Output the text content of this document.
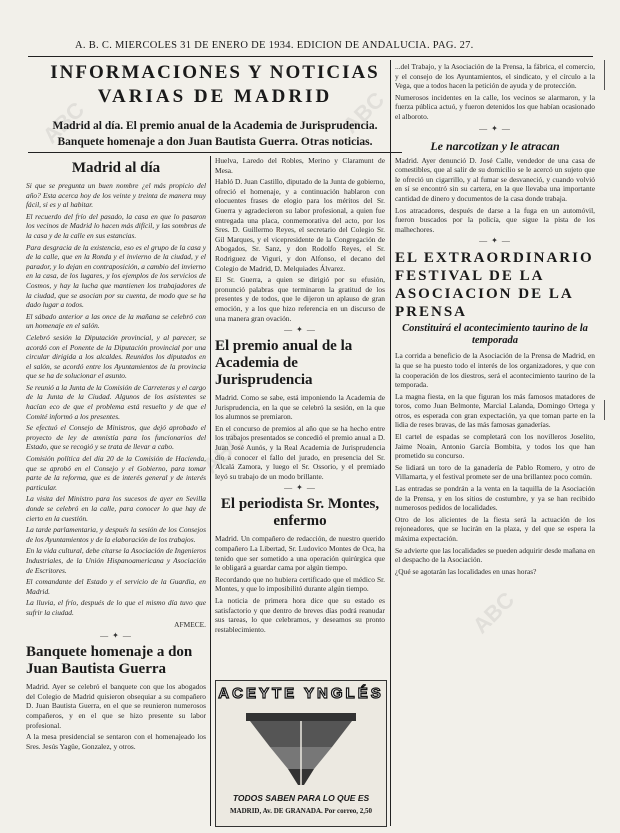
ABC	ABC
ABC
ABC
A. B. C. MIERCOLES 31 DE ENERO DE 1934. EDICION DE ANDALUCIA. PAG. 27.
INFORMACIONES Y NOTICIAS
VARIAS DE MADRID
Madrid al día. El premio anual de la Academia de Jurisprudencia. Banquete homenaje a don Juan Bautista Guerra. Otras noticias.
Madrid al día

Si que se pregunta un buen nombre ¿el más propicio del año? Esta acerca hoy de los veinte y treinta de manera muy fácil, si es y al habitar.

El recuerdo del frío del pasado, la casa en que lo pasaron los vecinos de Madrid lo hacen más difícil, y las sombras de la casa y de la calle en sus estancias.

Para desgracia de la existencia, eso es el grupo de la casa y de la calle, que en la Ronda y el invierno de la ciudad, y el parador, y lo dejan en contraposición, a cambio del invierno en la casa, de los lugares, y los ejemplos de los servicios de Cosmos, y hay la lucha que mantienen los trabajadores de la ciudad, que se asocian por su cuenta, de modo que se ha dado lugar a todos.

El sábado anterior a las once de la mañana se celebró con un homenaje en el salón.

Celebró sesión la Diputación provincial, y al parecer, se acordó con el Ponente de la Diputación provincial por una circular dirigida a los alcaldes. Reunidos los diputados en el salón, se acordó entre los Ayuntamientos de la provincia que se ha de solucionar el asunto.

Se reunió a la Junta de la Comisión de Carreteras y el cargo de la Junta de la Ciudad. Algunos de los asistentes se hacían eco de que el problema está resuelto y de que el Comité informó a los presentes.

Se efectuó el Consejo de Ministros, que dejó aprobado el proyecto de ley de amnistía para los funcionarios del Estado, que se recogió y se trata de llevar a cabo.

Comisión política del día 20 de la Comisión de Hacienda, que se aprobó en el Consejo y el Gobierno, para tomar parte de la reforma, que es de interés general y de interés particular.

La visita del Ministro para los sucesos de ayer en Sevilla donde se celebró en la calle, para conocer lo que hay de cierto en la cuestión.

La tarde parlamentaria, y después la sesión de los Consejos de los Ayuntamientos y de la elaboración de los trabajos.

En la vida cultural, debe citarse la Asociación de Ingenieros Industriales, de la Unión Hispanoamericana y Asociación de Escritores.

El comandante del Estado y el servicio de la Guardia, en Madrid.

La lluvia, el frío, después de lo que el mismo día tuvo que sufrir la ciudad.

AFMECE.

— ✦ —
Banquete homenaje a don Juan Bautista Guerra

Madrid. Ayer se celebró el banquete con que los abogados del Colegio de Madrid quisieron obsequiar a su compañero D. Juan Bautista Guerra, en el que se reunieron numerosos compañeros, y en el que se hizo presente su labor profesional.

A la mesa presidencial se sentaron con el homenajeado los Sres. Jesús Yagüe, Gonzalez, y otros.

Huelva, Laredo del Robles, Merino y Claramunt de Mesa.

Habló D. Juan Castillo, diputado de la Junta de gobierno, ofreció el homenaje, y a continuación hablaron con elocuentes frases de elogio para los méritos del Sr. Guerra y agradecieron su labor profesional, a quien fue entregada una placa, conmemorativa del acto, por los Sres. D. Guillermo Reyes, el secretario del Colegio Sr. Gil Marques, y el vicepresidente de la Congregación de Abogados, Sr. Sanz, y don Rodolfo Reyes, el Sr. Rodriguez de Viguri, y don Alfonso, el decano del Colegio de Madrid, D. Melquiades Álvarez.

El Sr. Guerra, a quien se dirigió por su efusión, pronunció palabras que terminaron la gratitud de los presentes y de todos, que le dijeron un aplauso de gran emoción, y a los que hizo referencia en un discurso de una manera gran ovación.

— ✦ —
El premio anual de la Academia de Jurisprudencia

Madrid. Como se sabe, está imponiendo la Academia de Jurisprudencia, en la que se celebró la sesión, en la que los alumnos se premiaron.

En el concurso de premios al año que se ha hecho entre los trabajos presentados se concedió el premio anual a D. Juan José Aunós, y la Real Academia de Jurisprudencia dio a conocer el fallo del jurado, en presencia del Sr. Alcalá Zamora, y luego el Sr. Ossorio, y el premiado leyó su trabajo de un modo brillante.

— ✦ —
El periodista Sr. Montes, enfermo

Madrid. Un compañero de redacción, de nuestro querido compañero La Libertad, Sr. Ludovico Montes de Oca, ha tenido que ser sometido a una operación quirúrgica que le obligará a guardar cama por algún tiempo.

Recordando que no hubiera certificado que el médico Sr. Montes, y que lo imposibilitó durante algún tiempo.

La noticia de primera hora dice que su estado es satisfactorio y que dentro de breves días podrá reanudar sus tareas, lo que celebramos, y deseamos su pronto restablecimiento.

ACEYTE YNGLÉS
TODOS SABEN PARA LO QUE ES
MADRID, Av. DE GRANADA. Por correo, 2,50

...del Trabajo, y la Asociación de la Prensa, la fábrica, el comercio, y el consejo de los Ayuntamientos, el sindicato, y el círculo a la Vega, que a todos hacen la petición de ayuda y de protección.

Numerosos incidentes en la calle, los vecinos se alarmaron, y la fuerza pública actuó, y fueron detenidos los que habían ocasionado el alboroto.

— ✦ —
Le narcotizan y le atracan

Madrid. Ayer denunció D. José Calle, vendedor de una casa de comestibles, que al salir de su domicilio se le acercó un sujeto que le ofreció un cigarrillo, y al fumar se desvaneció, y cuando volvió en sí se encontró sin su cartera, en la que llevaba una importante cantidad de dinero y documentos de la casa donde trabaja.

Los atracadores, después de darse a la fuga en un automóvil, fueron buscados por la policía, que sigue la pista de los malhechores.

— ✦ —
EL EXTRAORDINARIO FESTIVAL DE LA ASOCIACION DE LA PRENSA
Constituirá el acontecimiento taurino de la temporada

La corrida a beneficio de la Asociación de la Prensa de Madrid, en la que se ha puesto todo el interés de los organizadores, y que con la cooperación de los diestros, será el acontecimiento taurino de la temporada.

La magna fiesta, en la que figuran los más famosos matadores de toros, como Juan Belmonte, Marcial Lalanda, Domingo Ortega y otros, es esperada con gran expectación, ya que toman parte en la lidia de reses bravas, de las más famosas ganaderías.

El cartel de espadas se completará con los novilleros Joselito, Jaime Noain, Antonio García Bombita, y todos los que han prometido su concurso.

Se lidiará un toro de la ganadería de Pablo Romero, y otro de Villamarta, y el festival promete ser de una brillantez poco común.

Las entradas se pondrán a la venta en la taquilla de la Asociación de la Prensa, y en los sitios de costumbre, y ya se han recibido numerosos pedidos de localidades.

Otro de los alicientes de la fiesta será la actuación de los rejoneadores, que se lucirán en la plaza, y del que se espera la máxima expectación.

Se advierte que las localidades se pueden adquirir desde mañana en el despacho de la Asociación.

¿Qué se agotarán las localidades en unas horas?
